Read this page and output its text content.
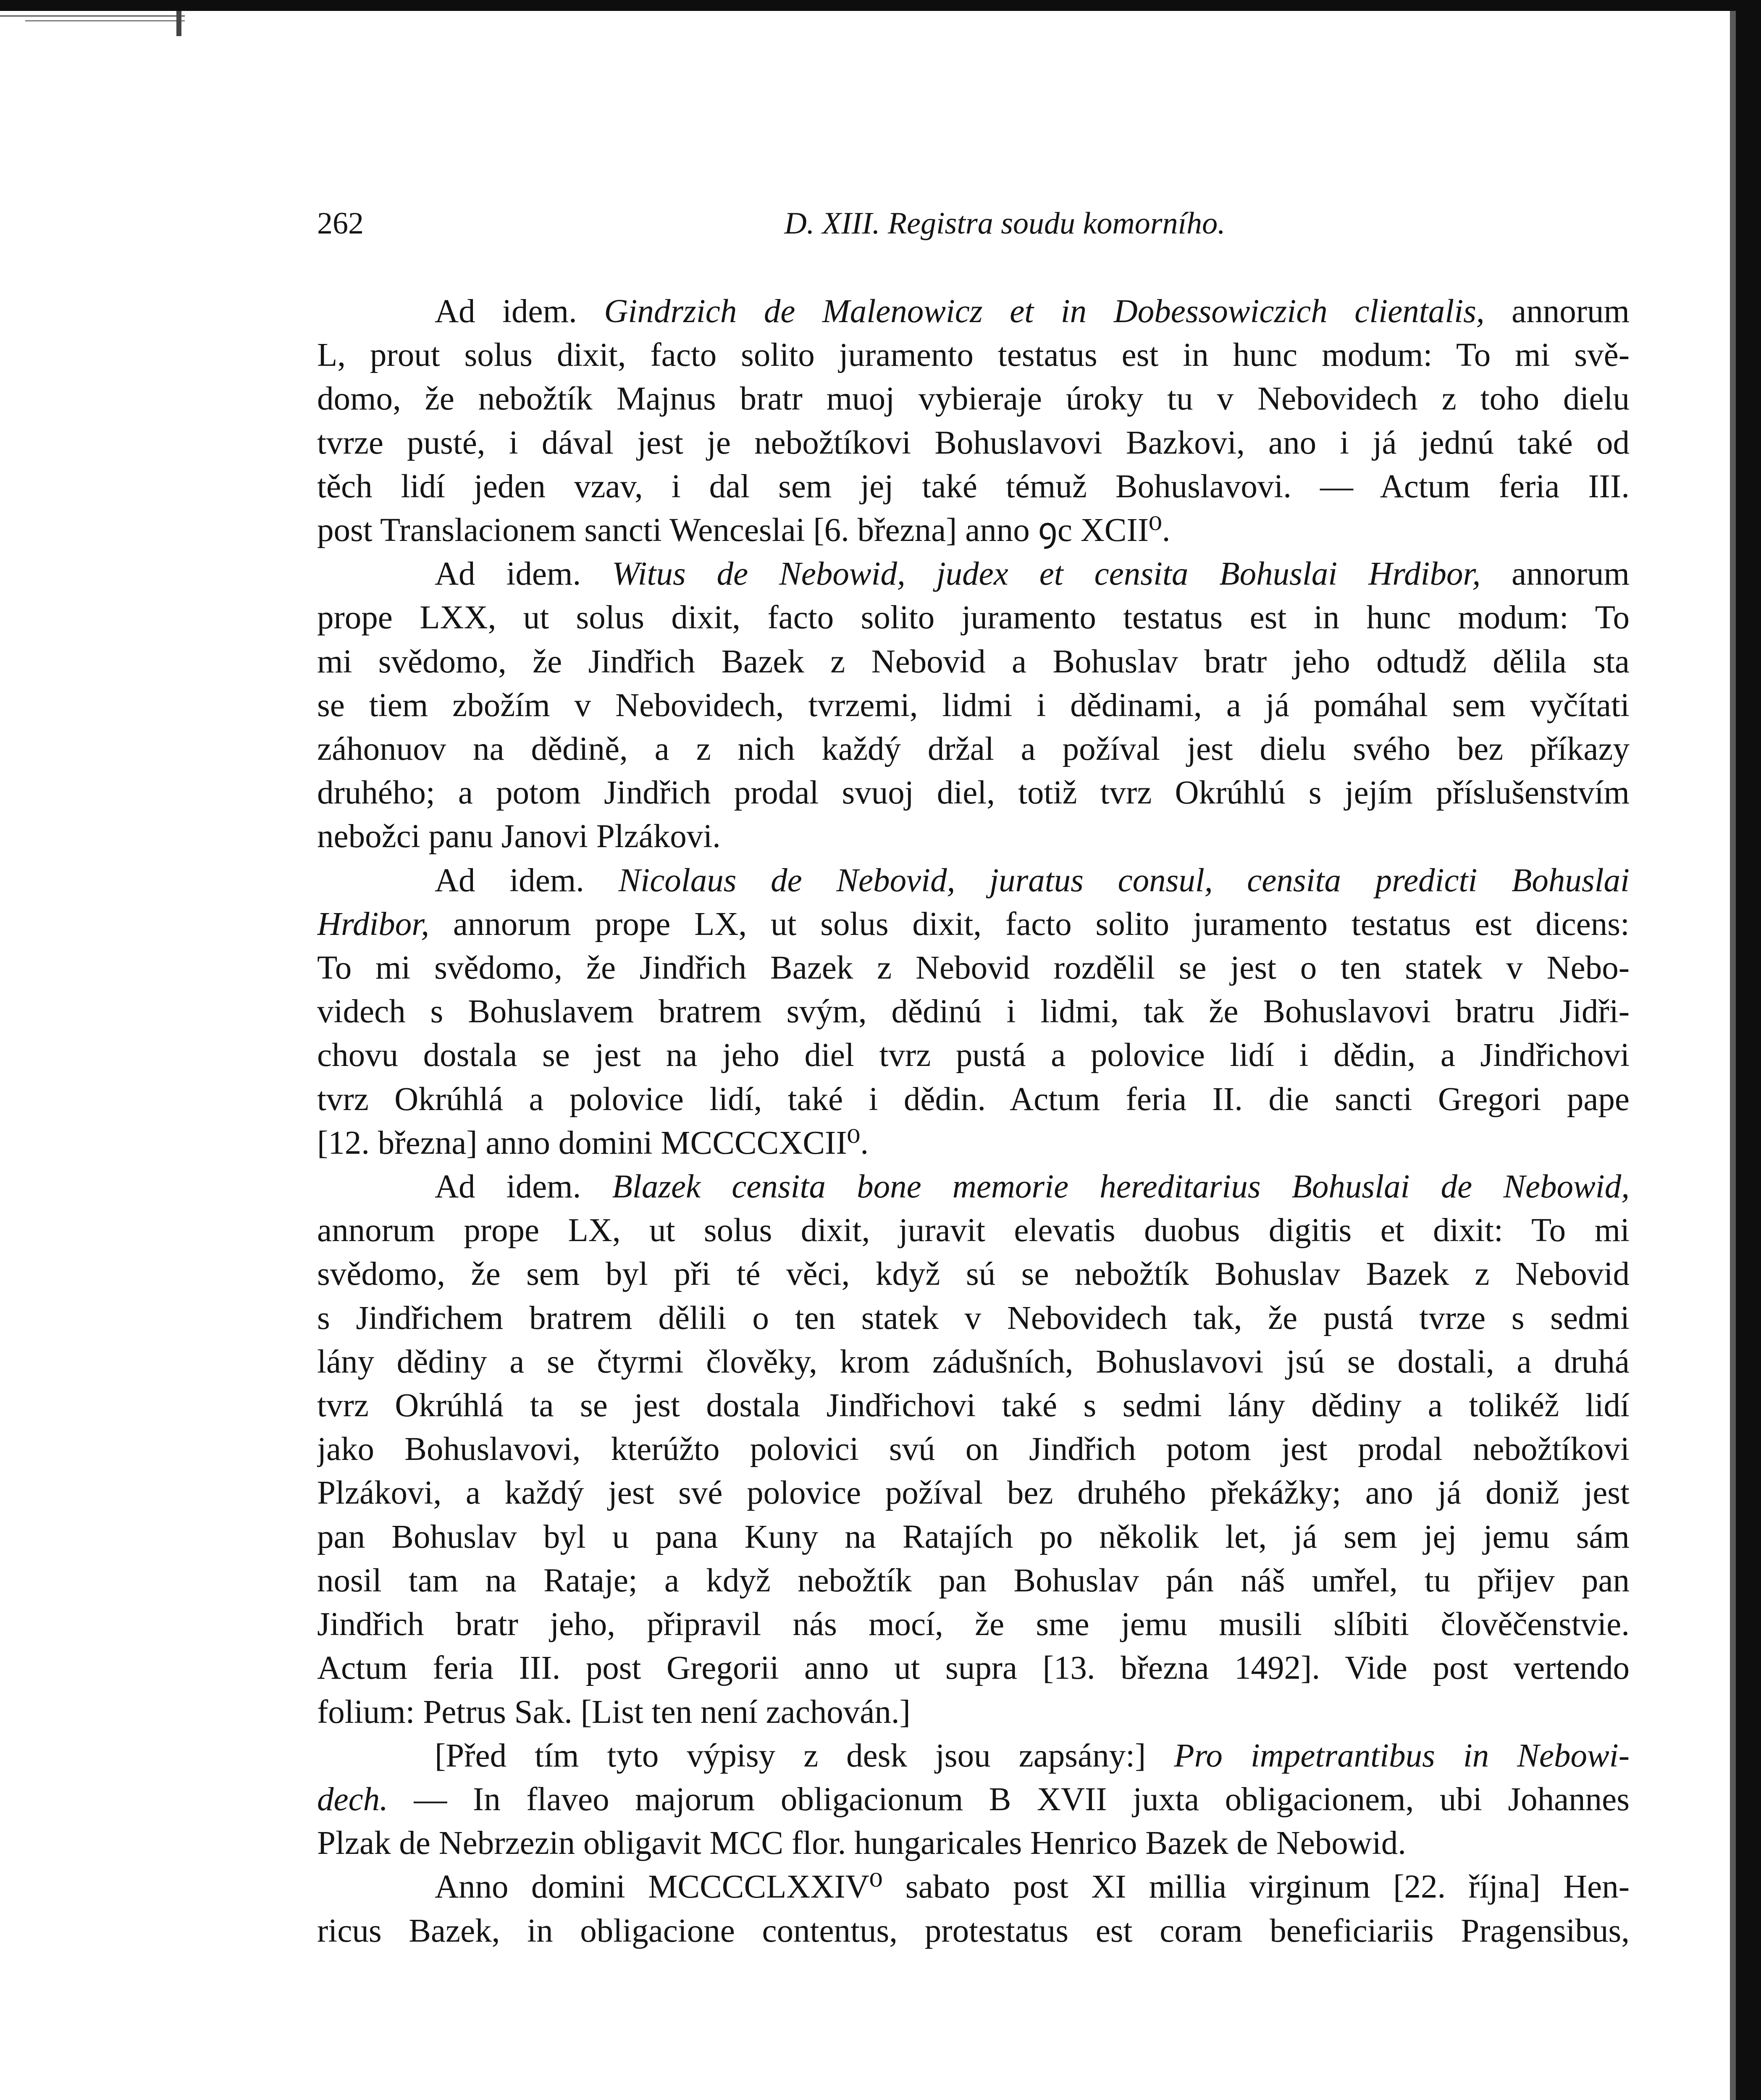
262	D. XIII. Registra soudu komorního.

Ad idem. Gindrzich de Malenowicz et in Dobessowiczich clientalis, annorum
L, prout solus dixit, facto solito juramento testatus est in hunc modum: To mi svě-
domo, že nebožtík Majnus bratr muoj vybieraje úroky tu v Nebovidech z toho dielu
tvrze pusté, i dával jest je nebožtíkovi Bohuslavovi Bazkovi, ano i já jednú také od
těch lidí jeden vzav, i dal sem jej také témuž Bohuslavovi. — Actum feria III.
post Translacionem sancti Wenceslai [6. března] anno ꝯc XCII⁰.

Ad idem. Witus de Nebowid, judex et censita Bohuslai Hrdibor, annorum
prope LXX, ut solus dixit, facto solito juramento testatus est in hunc modum: To
mi svědomo, že Jindřich Bazek z Nebovid a Bohuslav bratr jeho odtudž dělila sta
se tiem zbožím v Nebovidech, tvrzemi, lidmi i dědinami, a já pomáhal sem vyčítati
záhonuov na dědině, a z nich každý držal a požíval jest dielu svého bez příkazy
druhého; a potom Jindřich prodal svuoj diel, totiž tvrz Okrúhlú s jejím příslušenstvím
nebožci panu Janovi Plzákovi.

Ad idem. Nicolaus de Nebovid, juratus consul, censita predicti Bohuslai
Hrdibor, annorum prope LX, ut solus dixit, facto solito juramento testatus est dicens:
To mi svědomo, že Jindřich Bazek z Nebovid rozdělil se jest o ten statek v Nebo-
videch s Bohuslavem bratrem svým, dědinú i lidmi, tak že Bohuslavovi bratru Jidři-
chovu dostala se jest na jeho diel tvrz pustá a polovice lidí i dědin, a Jindřichovi
tvrz Okrúhlá a polovice lidí, také i dědin. Actum feria II. die sancti Gregori pape
[12. března] anno domini MCCCCXCII⁰.

Ad idem. Blazek censita bone memorie hereditarius Bohuslai de Nebowid,
annorum prope LX, ut solus dixit, juravit elevatis duobus digitis et dixit: To mi
svědomo, že sem byl při té věci, když sú se nebožtík Bohuslav Bazek z Nebovid
s Jindřichem bratrem dělili o ten statek v Nebovidech tak, že pustá tvrze s sedmi
lány dědiny a se čtyrmi člověky, krom zádušních, Bohuslavovi jsú se dostali, a druhá
tvrz Okrúhlá ta se jest dostala Jindřichovi také s sedmi lány dědiny a tolikéž lidí
jako Bohuslavovi, kterúžto polovici svú on Jindřich potom jest prodal nebožtíkovi
Plzákovi, a každý jest své polovice požíval bez druhého překážky; ano já doniž jest
pan Bohuslav byl u pana Kuny na Ratajích po několik let, já sem jej jemu sám
nosil tam na Rataje; a když nebožtík pan Bohuslav pán náš umřel, tu přijev pan
Jindřich bratr jeho, připravil nás mocí, že sme jemu musili slíbiti člověčenstvie.
Actum feria III. post Gregorii anno ut supra [13. března 1492]. Vide post vertendo
folium: Petrus Sak. [List ten není zachován.]

[Před tím tyto výpisy z desk jsou zapsány:] Pro impetrantibus in Nebowi-
dech. — In flaveo majorum obligacionum B XVII juxta obligacionem, ubi Johannes
Plzak de Nebrzezin obligavit MCC flor. hungaricales Henrico Bazek de Nebowid.

Anno domini MCCCCLXXIV⁰ sabato post XI millia virginum [22. října] Hen-
ricus Bazek, in obligacione contentus, protestatus est coram beneficiariis Pragensibus,
